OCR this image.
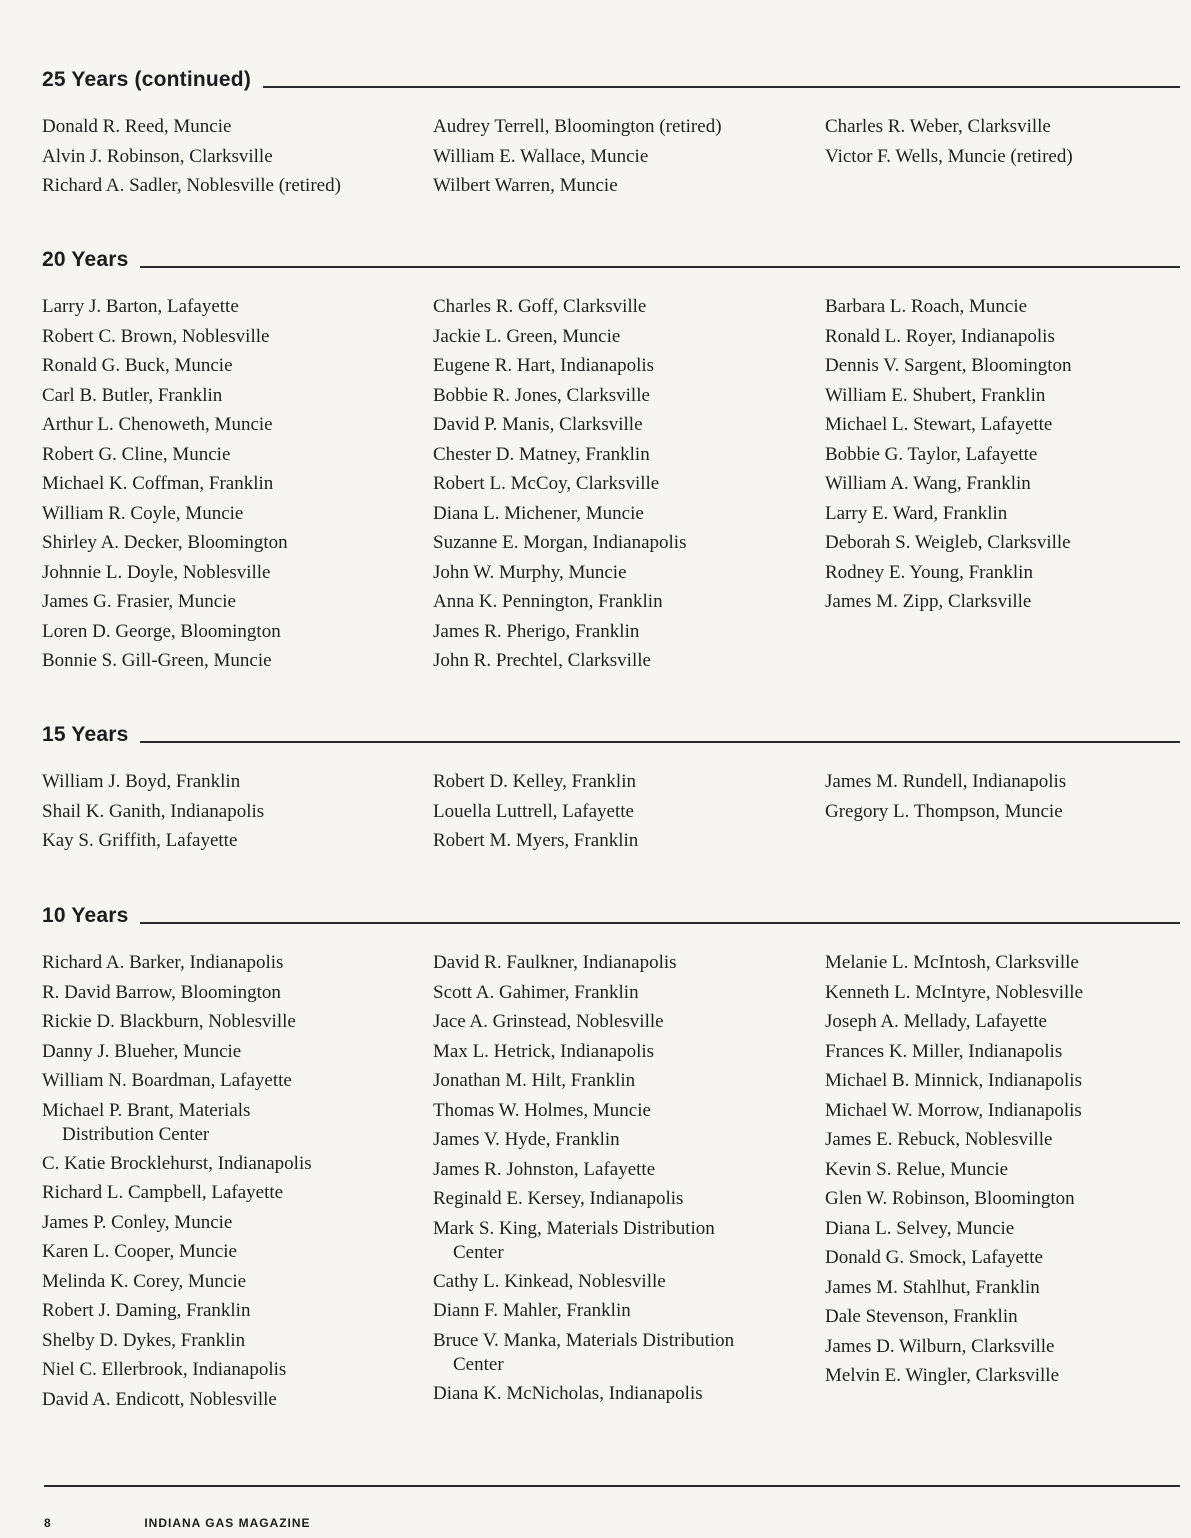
25 Years (continued)
Donald R. Reed, Muncie
Alvin J. Robinson, Clarksville
Richard A. Sadler, Noblesville (retired)
Audrey Terrell, Bloomington (retired)
William E. Wallace, Muncie
Wilbert Warren, Muncie
Charles R. Weber, Clarksville
Victor F. Wells, Muncie (retired)
20 Years
Larry J. Barton, Lafayette
Robert C. Brown, Noblesville
Ronald G. Buck, Muncie
Carl B. Butler, Franklin
Arthur L. Chenoweth, Muncie
Robert G. Cline, Muncie
Michael K. Coffman, Franklin
William R. Coyle, Muncie
Shirley A. Decker, Bloomington
Johnnie L. Doyle, Noblesville
James G. Frasier, Muncie
Loren D. George, Bloomington
Bonnie S. Gill-Green, Muncie
Charles R. Goff, Clarksville
Jackie L. Green, Muncie
Eugene R. Hart, Indianapolis
Bobbie R. Jones, Clarksville
David P. Manis, Clarksville
Chester D. Matney, Franklin
Robert L. McCoy, Clarksville
Diana L. Michener, Muncie
Suzanne E. Morgan, Indianapolis
John W. Murphy, Muncie
Anna K. Pennington, Franklin
James R. Pherigo, Franklin
John R. Prechtel, Clarksville
Barbara L. Roach, Muncie
Ronald L. Royer, Indianapolis
Dennis V. Sargent, Bloomington
William E. Shubert, Franklin
Michael L. Stewart, Lafayette
Bobbie G. Taylor, Lafayette
William A. Wang, Franklin
Larry E. Ward, Franklin
Deborah S. Weigleb, Clarksville
Rodney E. Young, Franklin
James M. Zipp, Clarksville
15 Years
William J. Boyd, Franklin
Shail K. Ganith, Indianapolis
Kay S. Griffith, Lafayette
Robert D. Kelley, Franklin
Louella Luttrell, Lafayette
Robert M. Myers, Franklin
James M. Rundell, Indianapolis
Gregory L. Thompson, Muncie
10 Years
Richard A. Barker, Indianapolis
R. David Barrow, Bloomington
Rickie D. Blackburn, Noblesville
Danny J. Blueher, Muncie
William N. Boardman, Lafayette
Michael P. Brant, Materials
Distribution Center
C. Katie Brocklehurst, Indianapolis
Richard L. Campbell, Lafayette
James P. Conley, Muncie
Karen L. Cooper, Muncie
Melinda K. Corey, Muncie
Robert J. Daming, Franklin
Shelby D. Dykes, Franklin
Niel C. Ellerbrook, Indianapolis
David A. Endicott, Noblesville
David R. Faulkner, Indianapolis
Scott A. Gahimer, Franklin
Jace A. Grinstead, Noblesville
Max L. Hetrick, Indianapolis
Jonathan M. Hilt, Franklin
Thomas W. Holmes, Muncie
James V. Hyde, Franklin
James R. Johnston, Lafayette
Reginald E. Kersey, Indianapolis
Mark S. King, Materials Distribution
Center
Cathy L. Kinkead, Noblesville
Diann F. Mahler, Franklin
Bruce V. Manka, Materials Distribution
Center
Diana K. McNicholas, Indianapolis
Melanie L. McIntosh, Clarksville
Kenneth L. McIntyre, Noblesville
Joseph A. Mellady, Lafayette
Frances K. Miller, Indianapolis
Michael B. Minnick, Indianapolis
Michael W. Morrow, Indianapolis
James E. Rebuck, Noblesville
Kevin S. Relue, Muncie
Glen W. Robinson, Bloomington
Diana L. Selvey, Muncie
Donald G. Smock, Lafayette
James M. Stahlhut, Franklin
Dale Stevenson, Franklin
James D. Wilburn, Clarksville
Melvin E. Wingler, Clarksville
8	INDIANA GAS MAGAZINE
